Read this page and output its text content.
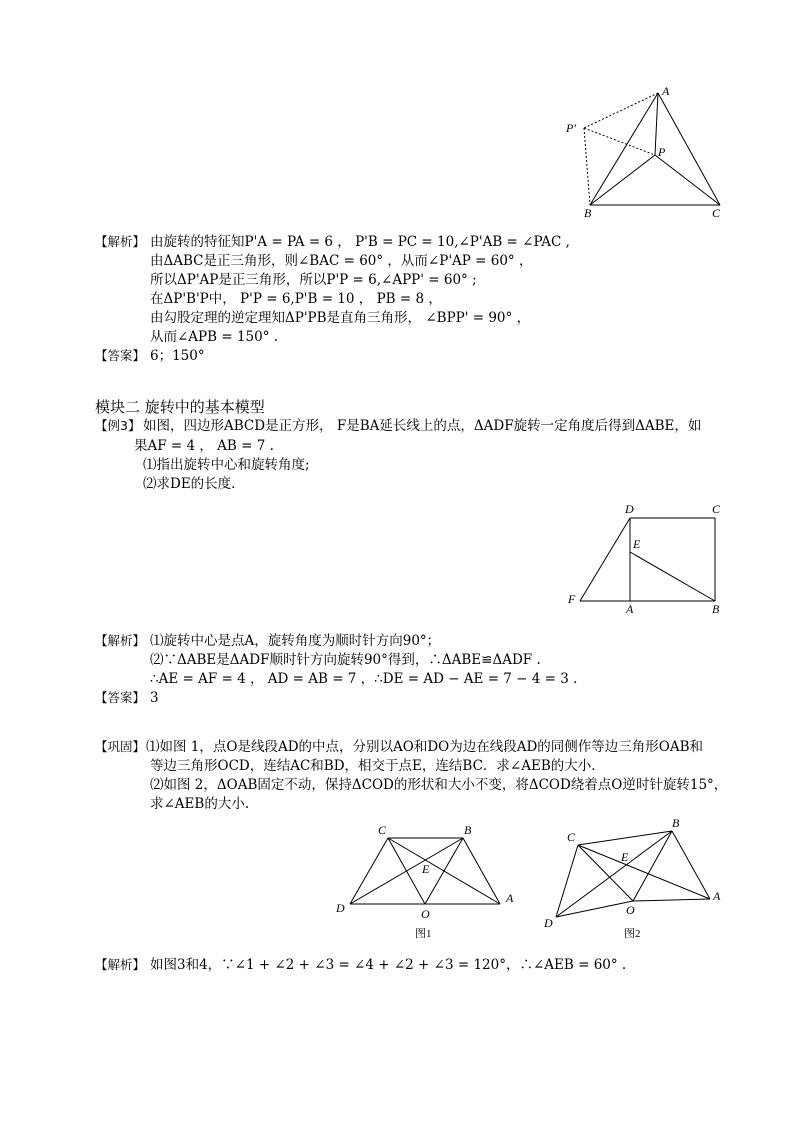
A
P
P'
B	C
【解析】 由旋转的特征知P'A = PA = 6 ， P'B = PC = 10,∠P'AB = ∠PAC ,
由ΔABC是正三角形，则∠BAC = 60° ，从而∠P'AP = 60° ，
所以ΔP'AP是正三角形，所以P'P = 6,∠APP' = 60° ;
在ΔP'B'P中， P'P = 6,P'B = 10 ， PB = 8 ，
由勾股定理的逆定理知ΔP'PB是直角三角形， ∠BPP' = 90° ，
从而∠APB = 150° .
【答案】 6；150°
模块二 旋转中的基本模型
【例3】 如图，四边形ABCD是正方形， F是BA延长线上的点，ΔADF旋转一定角度后得到ΔABE，如
果AF = 4 ， AB = 7 .
⑴指出旋转中心和旋转角度;
⑵求DE的长度.
D	C
E
F
A	B
【解析】 ⑴旋转中心是点A，旋转角度为顺时针方向90°；
⑵∵ΔABE是ΔADF顺时针方向旋转90°得到，∴ΔABE≌ΔADF .
∴AE = AF = 4 ， AD = AB = 7 ，∴DE = AD − AE = 7 − 4 = 3 .
【答案】 3
【巩固】 ⑴如图 1，点O是线段AD的中点，分别以AO和DO为边在线段AD的同侧作等边三角形OAB和
等边三角形OCD，连结AC和BD，相交于点E，连结BC．求∠AEB的大小.
⑵如图 2，ΔOAB固定不动，保持ΔCOD的形状和大小不变，将ΔCOD绕着点O逆时针旋转15°，
求∠AEB的大小.
C	B
E
D	O
A
图1
C
B
E
D
O
A
图2
【解析】 如图3和4，∵∠1 + ∠2 + ∠3 = ∠4 + ∠2 + ∠3 = 120°，∴∠AEB = 60° .
